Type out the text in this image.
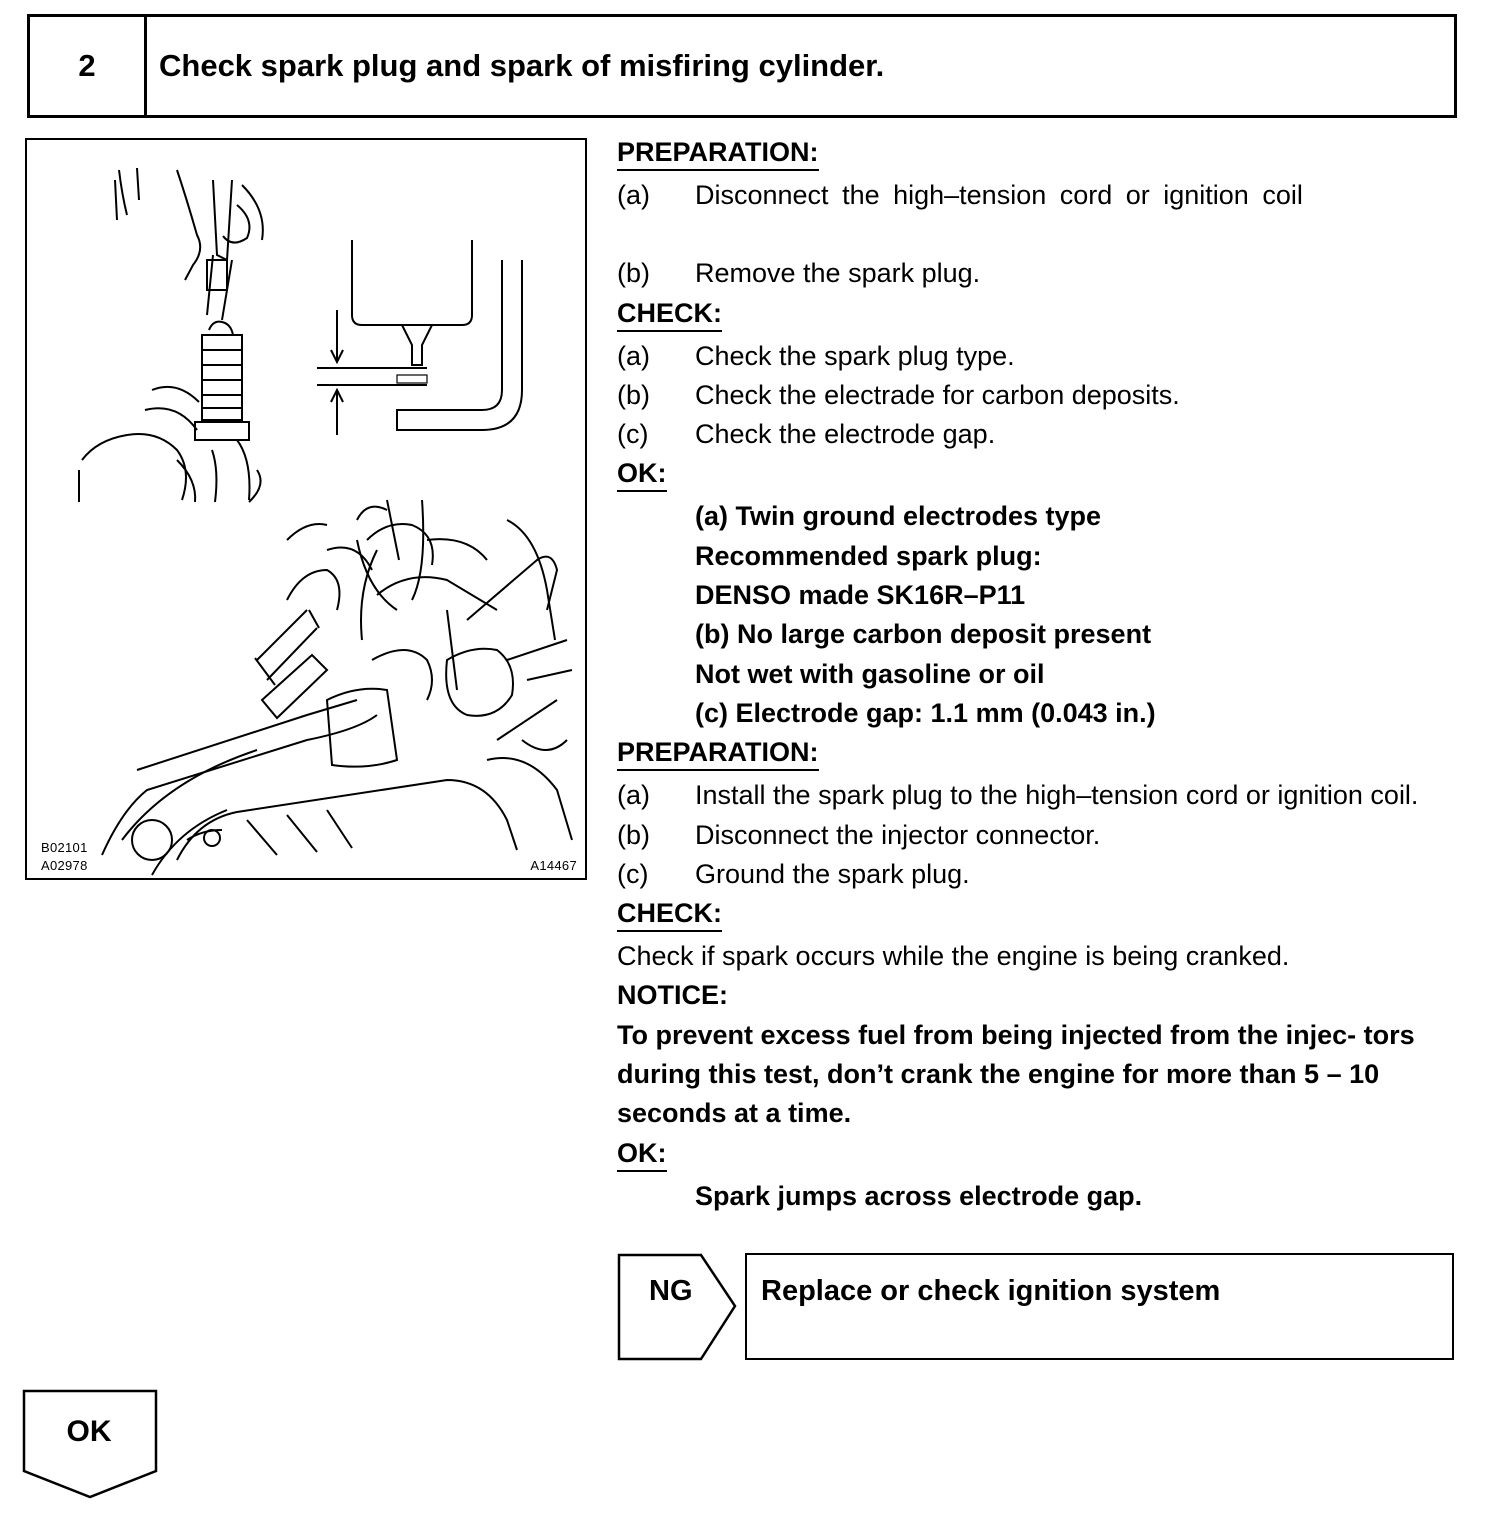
2	Check spark plug and spark of misfiring cylinder.
B02101
A02978	A14467
PREPARATION:
(a)	Disconnect the high–tension cord or ignition coil
(b)	Remove the spark plug.
CHECK:
(a)	Check the spark plug type.
(b)	Check the electrade for carbon deposits.
(c)	Check the electrode gap.
OK:
(a) Twin ground electrodes type
Recommended spark plug:
DENSO made SK16R–P11
(b) No large carbon deposit present
Not wet with gasoline or oil
(c) Electrode gap: 1.1 mm (0.043 in.)
PREPARATION:
(a)	Install the spark plug to the high–tension cord or ignition coil.
(b)	Disconnect the injector connector.
(c)	Ground the spark plug.
CHECK:
Check if spark occurs while the engine is being cranked.
NOTICE:
To prevent excess fuel from being injected from the injec- tors during this test, don’t crank the engine for more than 5 – 10 seconds at a time.
OK:
Spark jumps across electrode gap.
NG	Replace or check ignition system
OK
